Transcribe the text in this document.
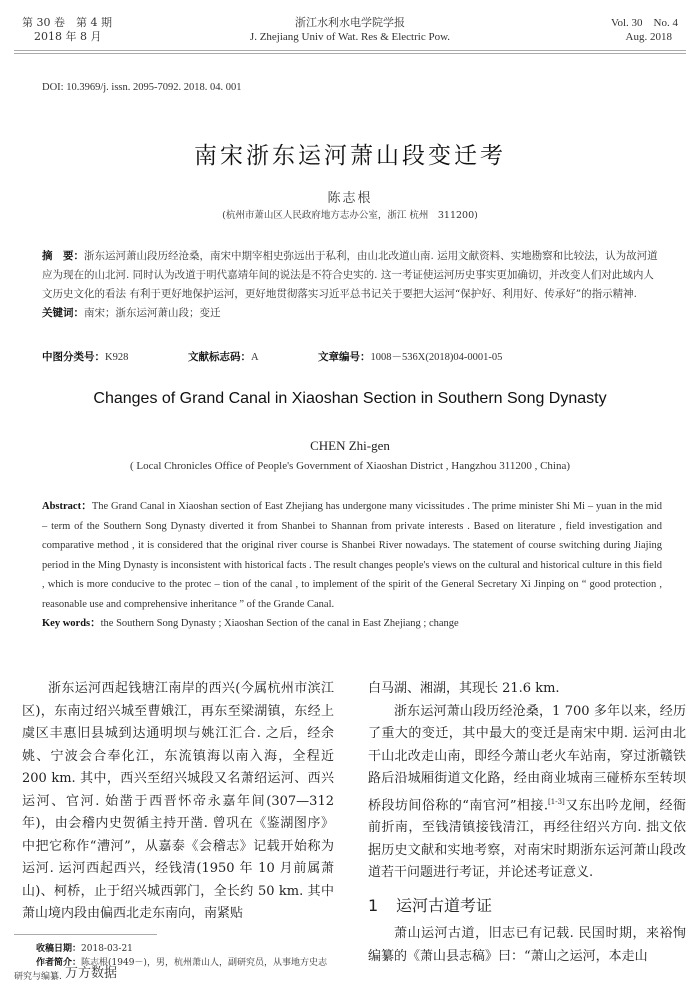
第 30 卷　第 4 期
2018 年 8 月
浙江水利水电学院学报
J. Zhejiang Univ of Wat. Res & Electric Pow.
Vol. 30　No. 4
Aug. 2018
DOI: 10.3969/j. issn. 2095-7092. 2018. 04. 001
南宋浙东运河萧山段变迁考
陈志根
(杭州市萧山区人民政府地方志办公室，浙江 杭州　311200)
摘　要：浙东运河萧山段历经沧桑，南宋中期宰相史弥远出于私利，由山北改道山南. 运用文献资料、实地勘察和比较法，认为故河道应为现在的山北河. 同时认为改道于明代嘉靖年间的说法是不符合史实的. 这一考证使运河历史事实更加确切，并改变人们对此域内人文历史文化的看法 有利于更好地保护运河，更好地贯彻落实习近平总书记关于要把大运河“保护好、利用好、传承好”的指示精神.
关键词：南宋；浙东运河萧山段；变迁
中图分类号：K928	文献标志码：A	文章编号：1008－536X(2018)04-0001-05
Changes of Grand Canal in Xiaoshan Section in Southern Song Dynasty
CHEN Zhi-gen
( Local Chronicles Office of People's Government of Xiaoshan District , Hangzhou 311200 , China)
Abstract：The Grand Canal in Xiaoshan section of East Zhejiang has undergone many vicissitudes . The prime minister Shi Mi – yuan in the mid – term of the Southern Song Dynasty diverted it from Shanbei to Shannan from private interests . Based on literature , field investigation and comparative method , it is considered that the original river course is Shanbei River nowadays. The statement of course switching during Jiajing period in the Ming Dynasty is inconsistent with historical facts . The result changes people's views on the cultural and historical culture in this field , which is more conducive to the protec – tion of the canal , to implement of the spirit of the General Secretary Xi Jinping on “ good protection , reasonable use and comprehensive inheritance ” of the Grande Canal.
Key words：the Southern Song Dynasty ; Xiaoshan Section of the canal in East Zhejiang ; change

浙东运河西起钱塘江南岸的西兴(今属杭州市滨江区)，东南过绍兴城至曹娥江，再东至梁湖镇，东经上虞区丰惠旧县城到达通明坝与姚江汇合. 之后，经余姚、宁波会合奉化江，东流镇海以南入海，全程近 200 km. 其中，西兴至绍兴城段又名萧绍运河、西兴运河、官河. 始凿于西晋怀帝永嘉年间(307—312 年)，由会稽内史贺循主持开凿. 曾巩在《鉴湖图序》中把它称作“漕河”，从嘉泰《会稽志》记载开始称为运河. 运河西起西兴，经钱清(1950 年 10 月前属萧山)、柯桥，止于绍兴城西郭门，全长约 50 km. 其中萧山境内段由偏西北走东南向，南紧贴

白马湖、湘湖，其现长 21.6 km.

浙东运河萧山段历经沧桑，1 700 多年以来，经历了重大的变迁，其中最大的变迁是南宋中期. 运河由北干山北改走山南，即经今萧山老火车站南，穿过浙赣铁路后沿城厢街道文化路，经由商业城南三碰桥东至转坝桥段坊间俗称的“南官河”相接.[1-3]又东出吟龙闸，经衙前折南，至钱清镇接钱清江，再经往绍兴方向. 拙文依据历史文献和实地考察，对南宋时期浙东运河萧山段改道若干问题进行考证，并论述考证意义.

1 运河古道考证

萧山运河古道，旧志已有记载. 民国时期，来裕恂编纂的《萧山县志稿》曰：“萧山之运河，本走山

收稿日期：2018-03-21
作者简介：陈志根(1949－)，男，杭州萧山人，副研究员，从事地方史志研究与编纂. 万方数据
